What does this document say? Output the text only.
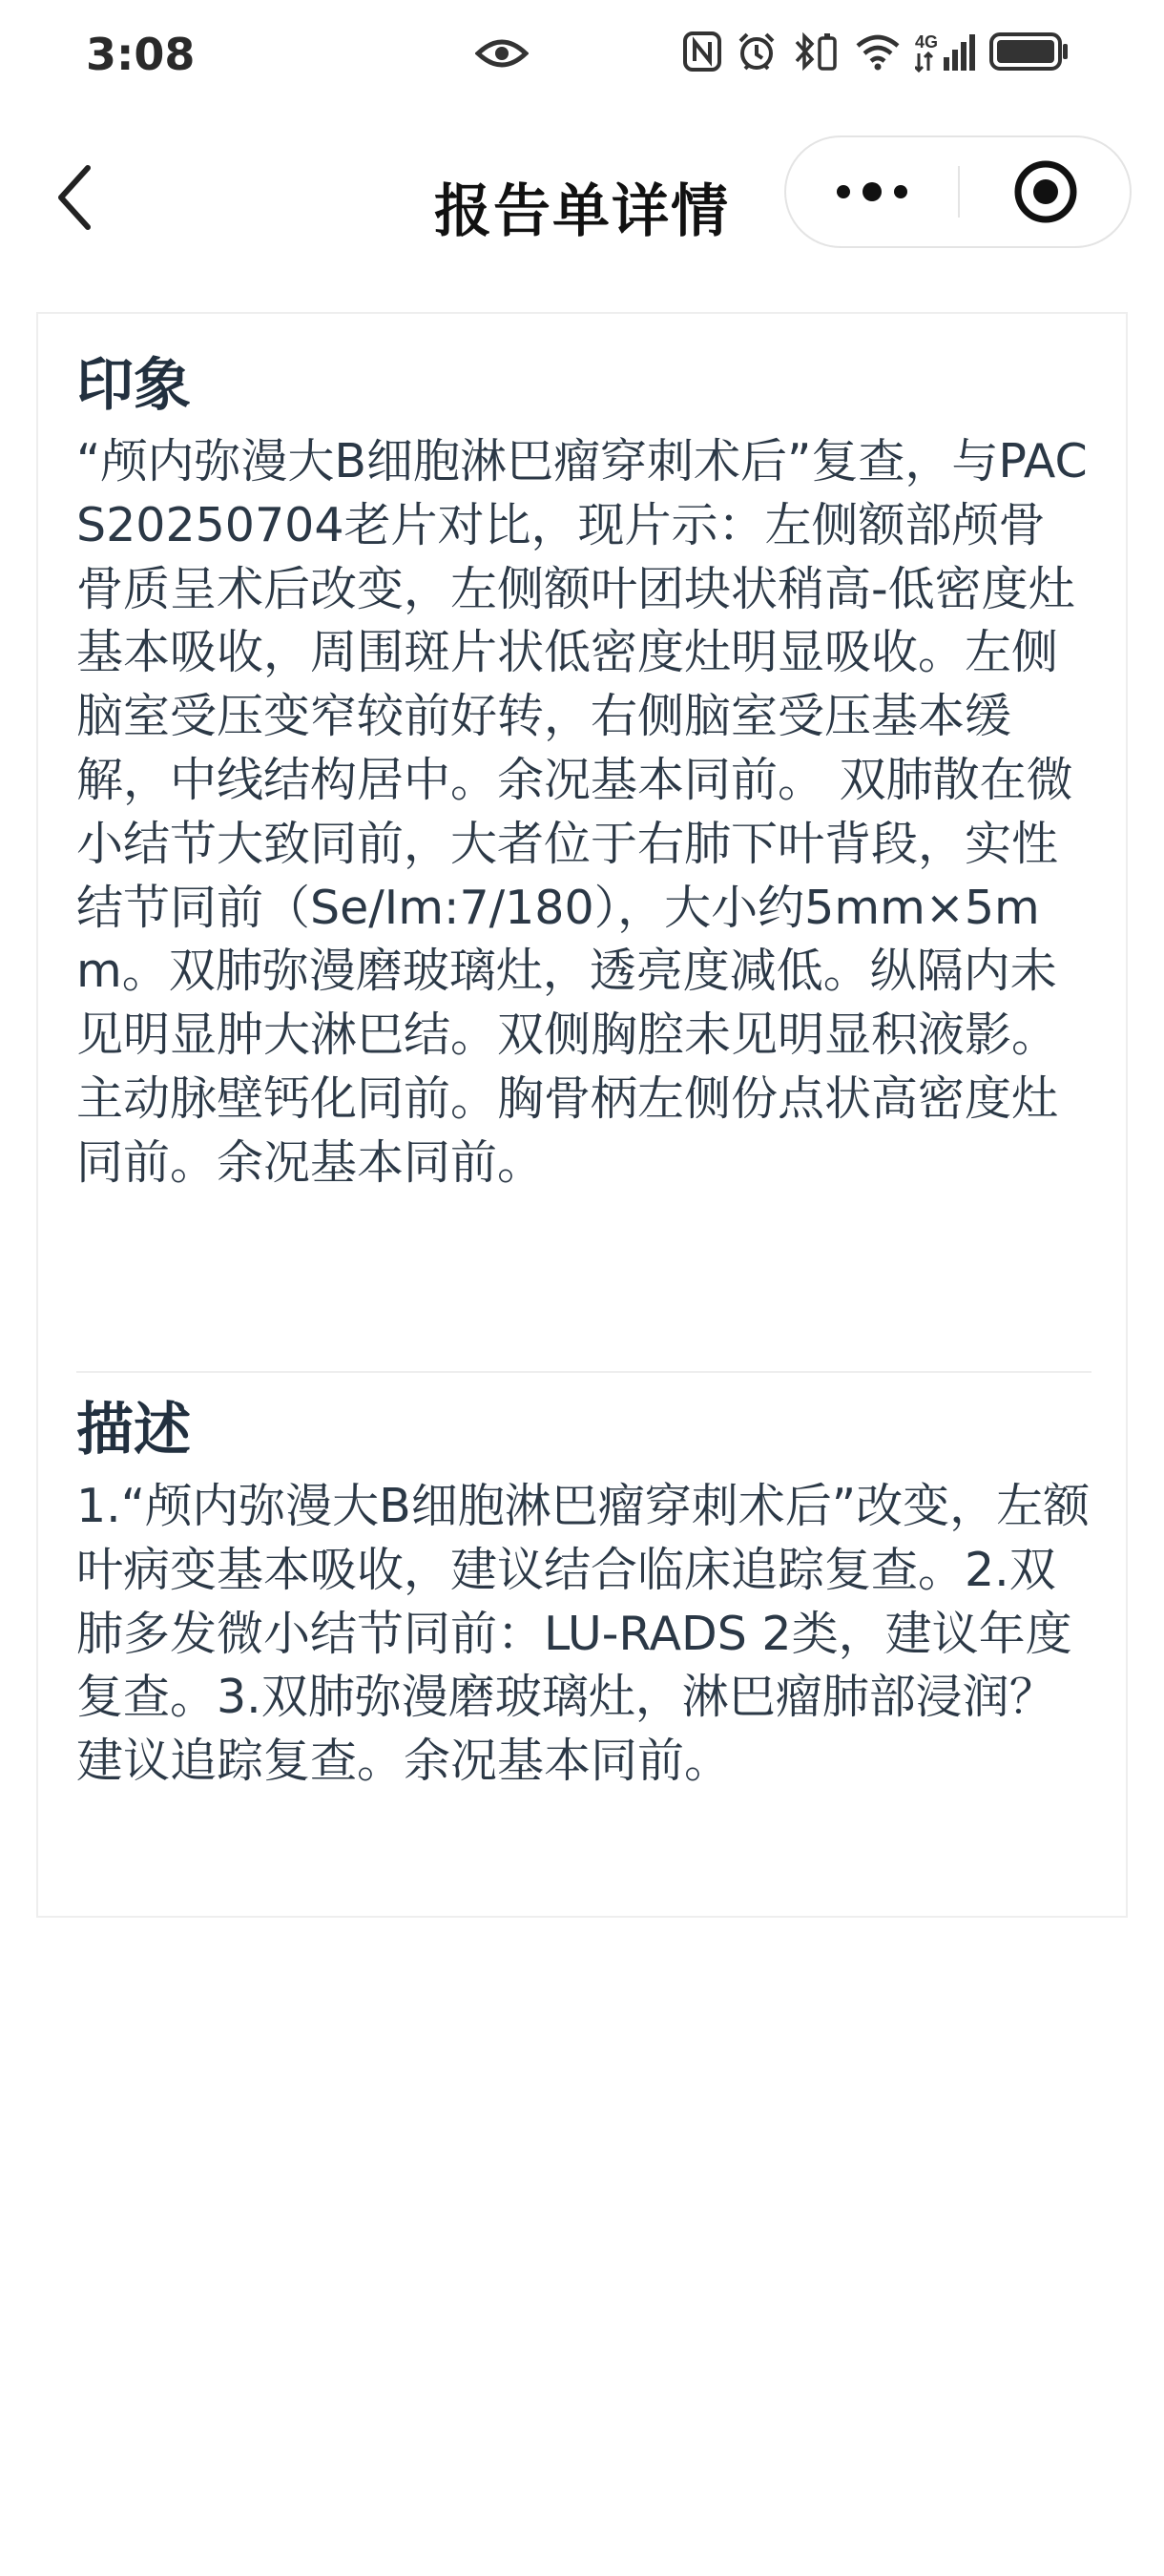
3:08	4G
报告单详情
印象
“颅内弥漫大B细胞淋巴瘤穿刺术后”复查，与PACS20250704老片对比，现片示：左侧额部颅骨骨质呈术后改变，左侧额叶团块状稍高-低密度灶基本吸收，周围斑片状低密度灶明显吸收。左侧脑室受压变窄较前好转，右侧脑室受压基本缓解，中线结构居中。余况基本同前。 双肺散在微小结节大致同前，大者位于右肺下叶背段，实性结节同前（Se/Im:7/180），大小约5mm×5mm。双肺弥漫磨玻璃灶，透亮度减低。纵隔内未见明显肿大淋巴结。双侧胸腔未见明显积液影。主动脉壁钙化同前。胸骨柄左侧份点状高密度灶同前。余况基本同前。
描述
1.“颅内弥漫大B细胞淋巴瘤穿刺术后”改变，左额叶病变基本吸收，建议结合临床追踪复查。2.双肺多发微小结节同前：LU-RADS 2类，建议年度复查。3.双肺弥漫磨玻璃灶，淋巴瘤肺部浸润？建议追踪复查。余况基本同前。
